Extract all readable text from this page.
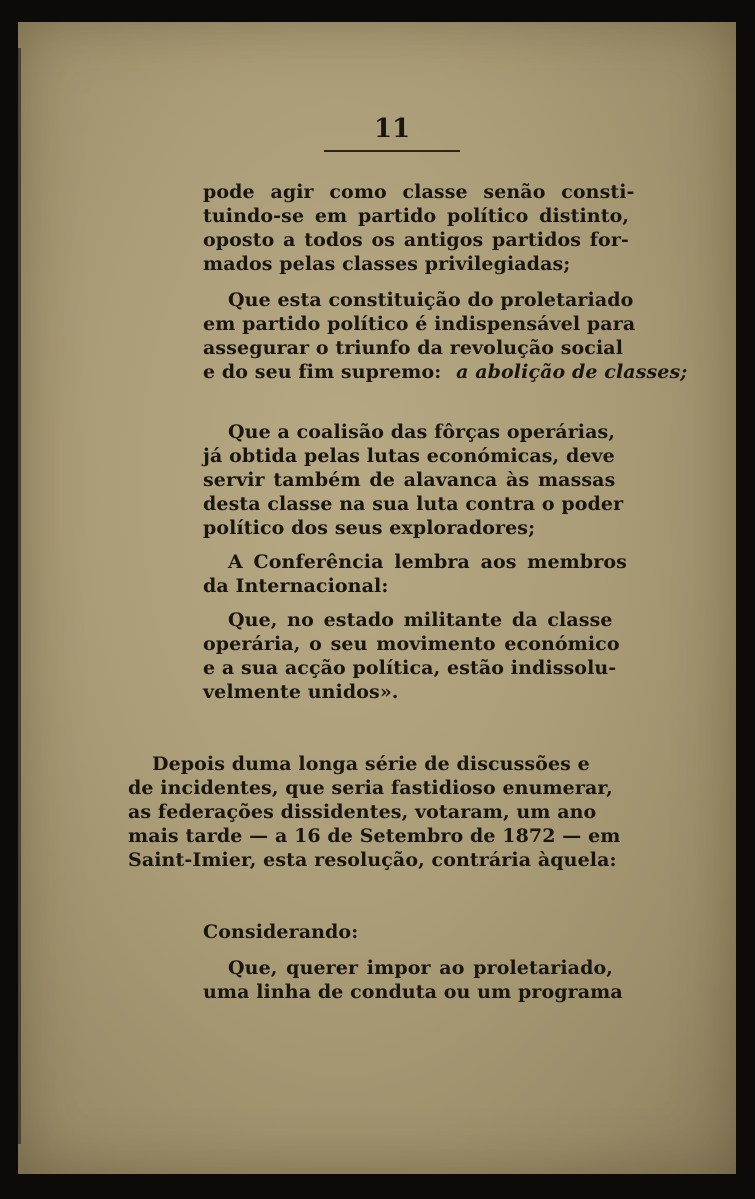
11
pode agir como classe senão consti-
tuindo-se em partido político distinto,
oposto a todos os antigos partidos for-
mados pelas classes privilegiadas;
Que esta constituição do proletariado
em partido político é indispensável para
assegurar o triunfo da revolução social
e do seu fim supremo: a abolição de classes;
Que a coalisão das fôrças operárias,
já obtida pelas lutas económicas, deve
servir também de alavanca às massas
desta classe na sua luta contra o poder
político dos seus exploradores;
A Conferência lembra aos membros
da Internacional:
Que, no estado militante da classe
operária, o seu movimento económico
e a sua acção política, estão indissolu-
velmente unidos».
Depois duma longa série de discussões e
de incidentes, que seria fastidioso enumerar,
as federações dissidentes, votaram, um ano
mais tarde — a 16 de Setembro de 1872 — em
Saint-Imier, esta resolução, contrária àquela:
Considerando:
Que, querer impor ao proletariado,
uma linha de conduta ou um programa
